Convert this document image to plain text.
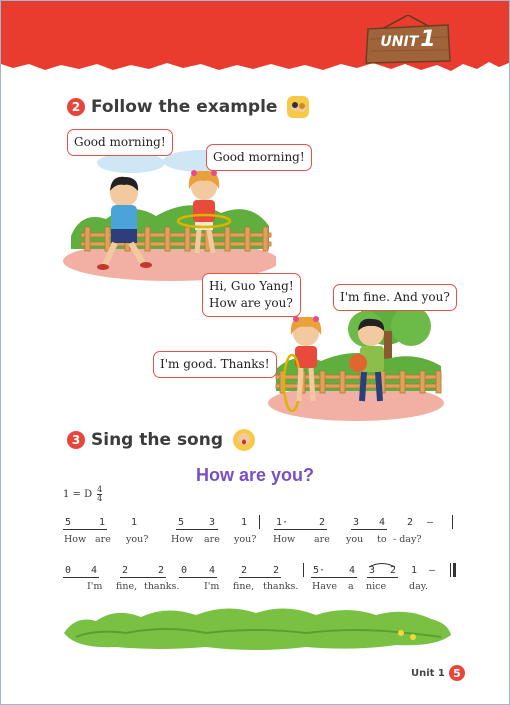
UNIT1
2 Follow the example
Good morning!
Good morning!
Hi, Guo Yang!
How are you?	I'm fine. And you?
I'm good. Thanks!
3 Sing the song
How are you?
1 = D $\frac{4}{4}$
5	1	1	5 3	1	1·	2	3 4 2 –
How are you? How are you? How are you to - day?
0 4 2	2 0 4	2	2	5· 4 3 2 1 –
I'm fine, thanks.	I'm fine, thanks. Have a nice day.
Unit 1 5
